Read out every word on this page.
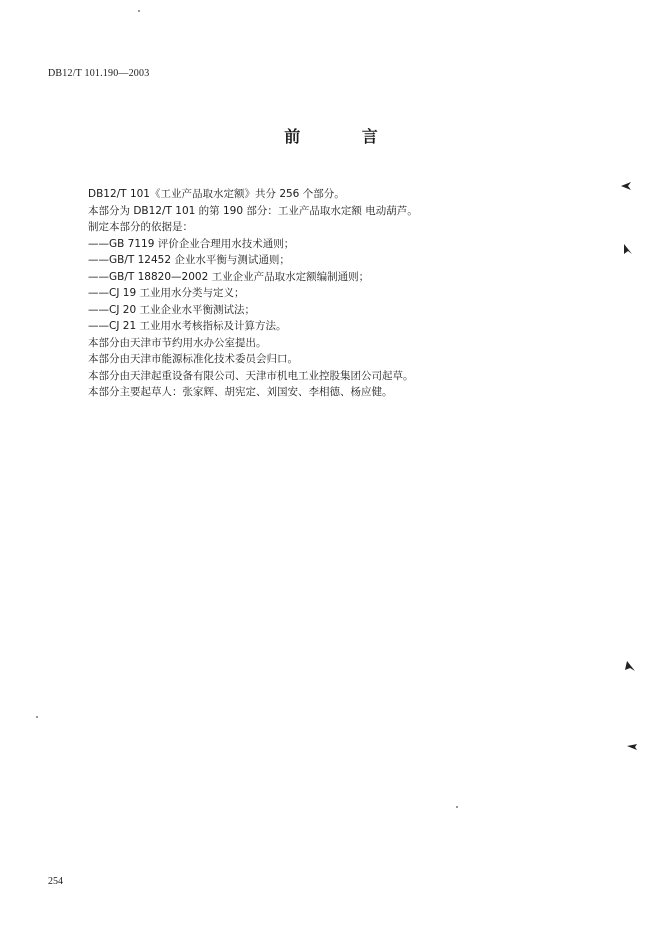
DB12/T 101.190—2003
前 言
DB12/T 101《工业产品取水定额》共分 256 个部分。
本部分为 DB12/T 101 的第 190 部分：工业产品取水定额 电动葫芦。
制定本部分的依据是：
——GB 7119 评价企业合理用水技术通则；
——GB/T 12452 企业水平衡与测试通则；
——GB/T 18820—2002 工业企业产品取水定额编制通则；
——CJ 19 工业用水分类与定义；
——CJ 20 工业企业水平衡测试法；
——CJ 21 工业用水考核指标及计算方法。
本部分由天津市节约用水办公室提出。
本部分由天津市能源标准化技术委员会归口。
本部分由天津起重设备有限公司、天津市机电工业控股集团公司起草。
本部分主要起草人：张家辉、胡宪定、刘国安、李相德、杨应健。
254
